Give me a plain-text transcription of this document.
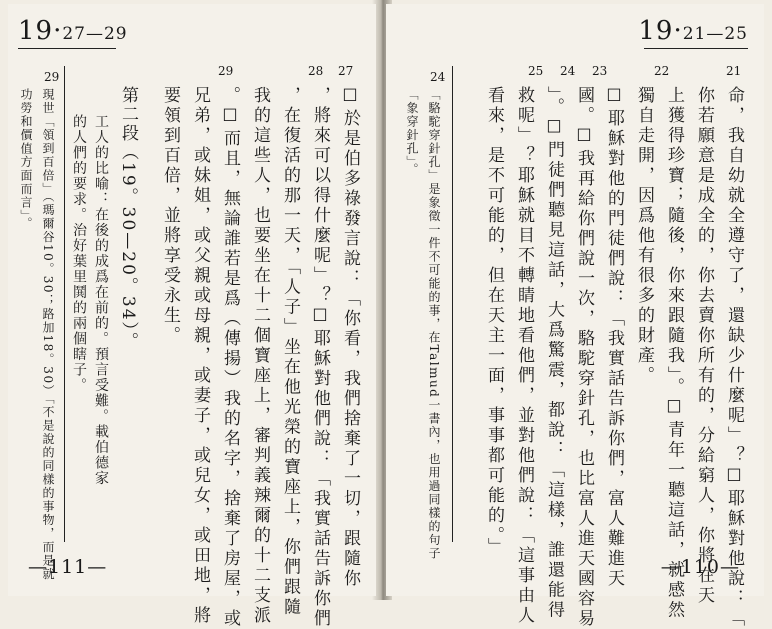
19·27—29
27
28
29
☐於是伯多祿發言說：「你看，我們捨棄了一切，跟隨你
，將來可以得什麼呢」？☐耶穌對他們說：「我實話告訴你們
，在復活的那一天，「人子」坐在他光榮的寶座上，你們跟隨
我的這些人，也要坐在十二個寶座上，審判義辣爾的十二支派
。☐而且，無論誰若是爲（傳揚）我的名字，捨棄了房屋，或
兄弟，或妹姐，或父親或母親，或妻子，或兒女，或田地，將
要領到百倍，並將享受永生。
第二段（19。30—20。34）。
工人的比喻：在後的成爲在前的。預言受難。載伯德家
的人們的要求。治好葉里鬨的兩個瞎子。
29
現世「領到百倍」（瑪爾谷10。30；路加18。30）「不是說的同樣的事物，而是就
功勞和價值方面而言」。
—111—
19·21—25
21
22
23
24
25
命，我自幼就全遵守了，還缺少什麼呢」？☐耶穌對他說：「
你若願意是成全的，你去賣你所有的，分給窮人，你將在天
上獲得珍寶；隨後，你來跟隨我」。☐青年一聽這話，就感然
獨自走開，因爲他有很多的財產。
☐耶穌對他的門徒們說：「我實話告訴你們，富人難進天
國。☐我再給你們說一次，駱駝穿針孔，也比富人進天國容易
」。☐門徒們聽見這話，大爲驚震，都說：「這樣，誰還能得
救呢」？耶穌就目不轉睛地看他們，並對他們說：「這事由人
看來，是不可能的，但在天主一面，事事都可能的。」
24
「駱駝穿針孔」是象徵一件不可能的事，在Talmud一書內，也用過同樣的句子
「象穿針孔」。
—110—
